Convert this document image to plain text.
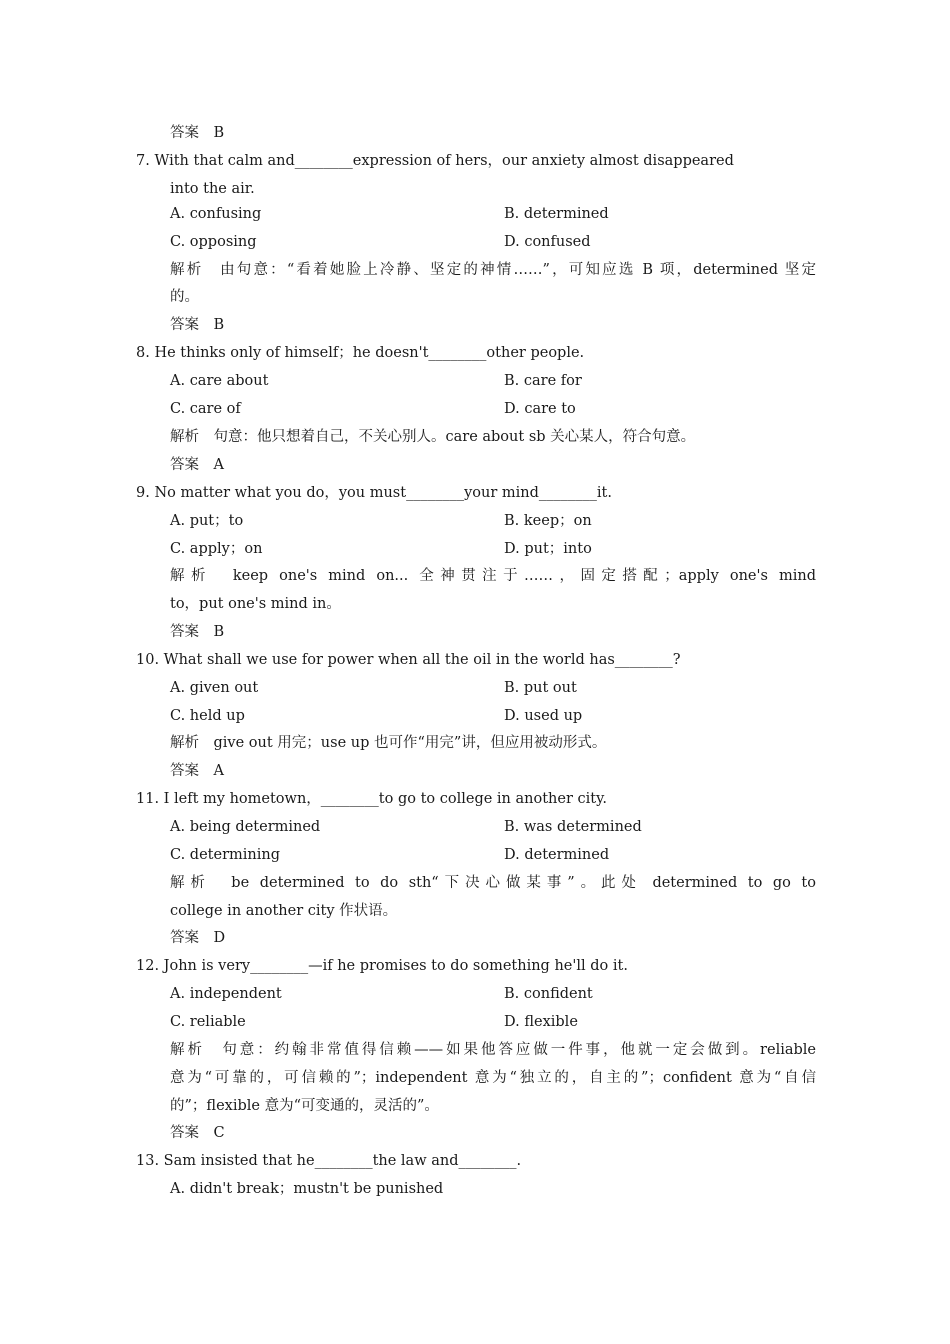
答案　B
7. With that calm and________expression of hers，our anxiety almost disappeared
into the air.
A. confusing	B. determined
C. opposing	D. confused
解析　由句意：“看着她脸上冷静、坚定的神情……”，可知应选 B 项，determined 坚定
的。
答案　B
8. He thinks only of himself；he doesn't________other people.
A. care about	B. care for
C. care of	D. care to
解析　句意：他只想着自己，不关心别人。care about sb 关心某人，符合句意。
答案　A
9. No matter what you do，you must________your mind________it.
A. put；to	B. keep；on
C. apply；on	D. put；into
解析　keep one's mind on... 全神贯注于……，固定搭配；apply one's mind
to，put one's mind in。
答案　B
10. What shall we use for power when all the oil in the world has________?
A. given out	B. put out
C. held up	D. used up
解析　give out 用完；use up 也可作“用完”讲，但应用被动形式。
答案　A
11. I left my hometown，________to go to college in another city.
A. being determined	B. was determined
C. determining	D. determined
解析　be determined to do sth“下决心做某事”。此处 determined to go to
college in another city 作状语。
答案　D
12. John is very________—if he promises to do something he'll do it.
A. independent	B. confident
C. reliable	D. flexible
解析　句意：约翰非常值得信赖——如果他答应做一件事，他就一定会做到。reliable
意为“可靠的，可信赖的”；independent 意为“独立的，自主的”；confident 意为“自信
的”；flexible 意为“可变通的，灵活的”。
答案　C
13. Sam insisted that he________the law and________.
A. didn't break；mustn't be punished
